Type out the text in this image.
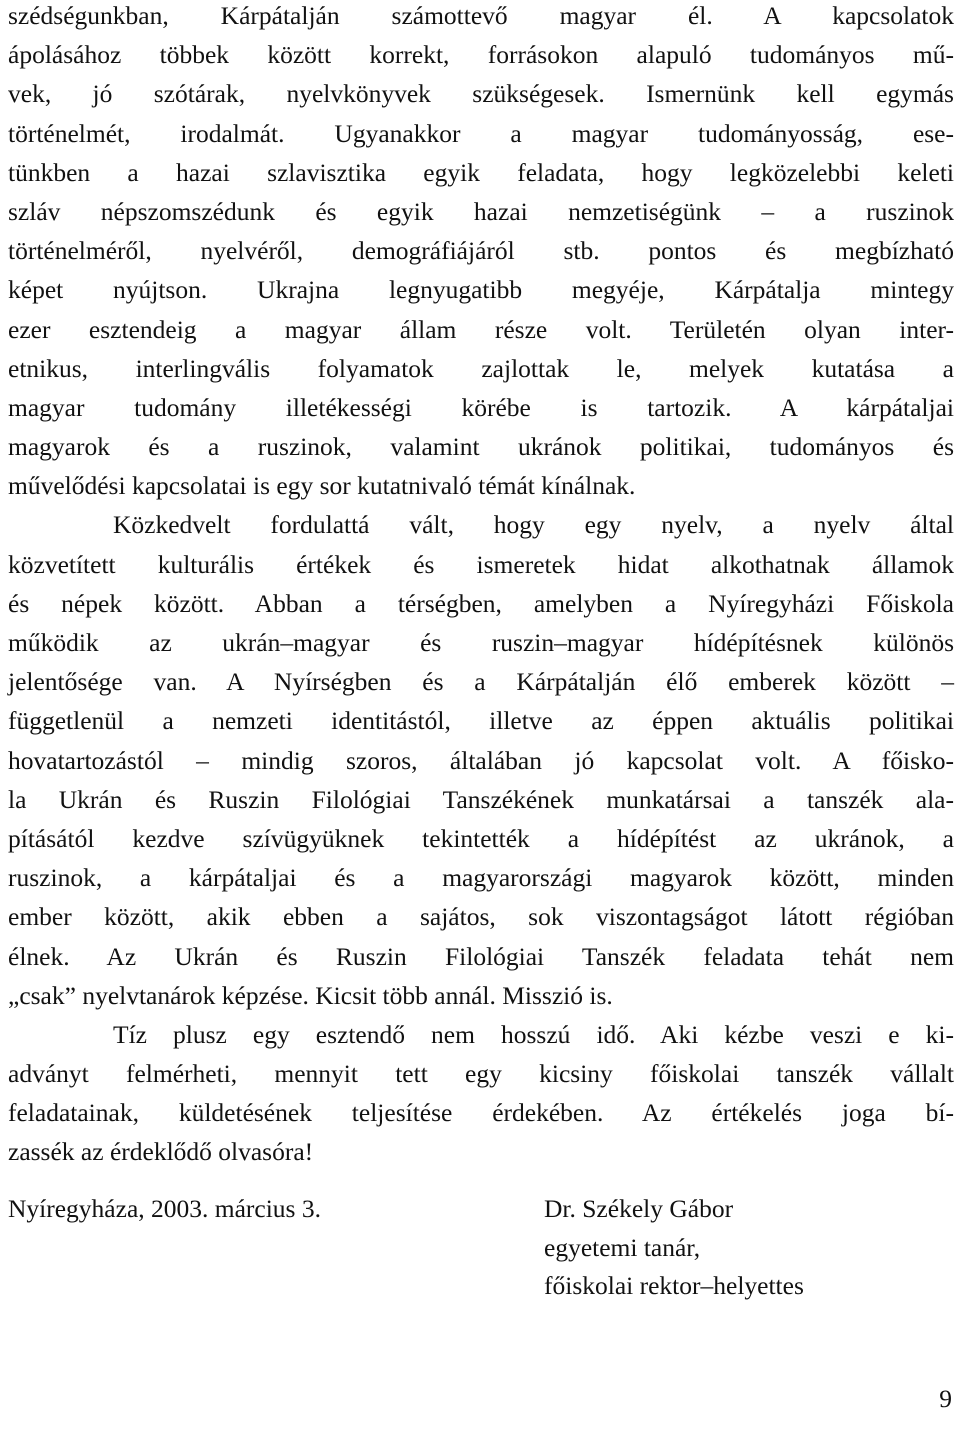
szédségunkban, Kárpátalján számottevő magyar él. A kapcsolatok
ápolásához többek között korrekt, forrásokon alapuló tudományos mű-
vek, jó szótárak, nyelvkönyvek szükségesek. Ismernünk kell egymás
történelmét, irodalmát. Ugyanakkor a magyar tudományosság, ese-
tünkben a hazai szlavisztika egyik feladata, hogy legközelebbi keleti
szláv népszomszédunk és egyik hazai nemzetiségünk – a ruszinok
történelméről, nyelvéről, demográfiájáról stb. pontos és megbízható
képet nyújtson. Ukrajna legnyugatibb megyéje, Kárpátalja mintegy
ezer esztendeig a magyar állam része volt. Területén olyan inter-
etnikus, interlingvális folyamatok zajlottak le, melyek kutatása a
magyar tudomány illetékességi körébe is tartozik. A kárpátaljai
magyarok és a ruszinok, valamint ukránok politikai, tudományos és
művelődési kapcsolatai is egy sor kutatnivaló témát kínálnak.
Közkedvelt fordulattá vált, hogy egy nyelv, a nyelv által
közvetített kulturális értékek és ismeretek hidat alkothatnak államok
és népek között. Abban a térségben, amelyben a Nyíregyházi Főiskola
működik az ukrán–magyar és ruszin–magyar hídépítésnek különös
jelentősége van. A Nyírségben és a Kárpátalján élő emberek között –
függetlenül a nemzeti identitástól, illetve az éppen aktuális politikai
hovatartozástól – mindig szoros, általában jó kapcsolat volt. A főisko-
la Ukrán és Ruszin Filológiai Tanszékének munkatársai a tanszék ala-
pításától kezdve szívügyüknek tekintették a hídépítést az ukránok, a
ruszinok, a kárpátaljai és a magyarországi magyarok között, minden
ember között, akik ebben a sajátos, sok viszontagságot látott régióban
élnek. Az Ukrán és Ruszin Filológiai Tanszék feladata tehát nem
„csak” nyelvtanárok képzése. Kicsit több annál. Misszió is.
Tíz plusz egy esztendő nem hosszú idő. Aki kézbe veszi e ki-
adványt felmérheti, mennyit tett egy kicsiny főiskolai tanszék vállalt
feladatainak, küldetésének teljesítése érdekében. Az értékelés joga bí-
zassék az érdeklődő olvasóra!
Nyíregyháza, 2003. március 3.	Dr. Székely Gábor
egyetemi tanár,
főiskolai rektor–helyettes
9
